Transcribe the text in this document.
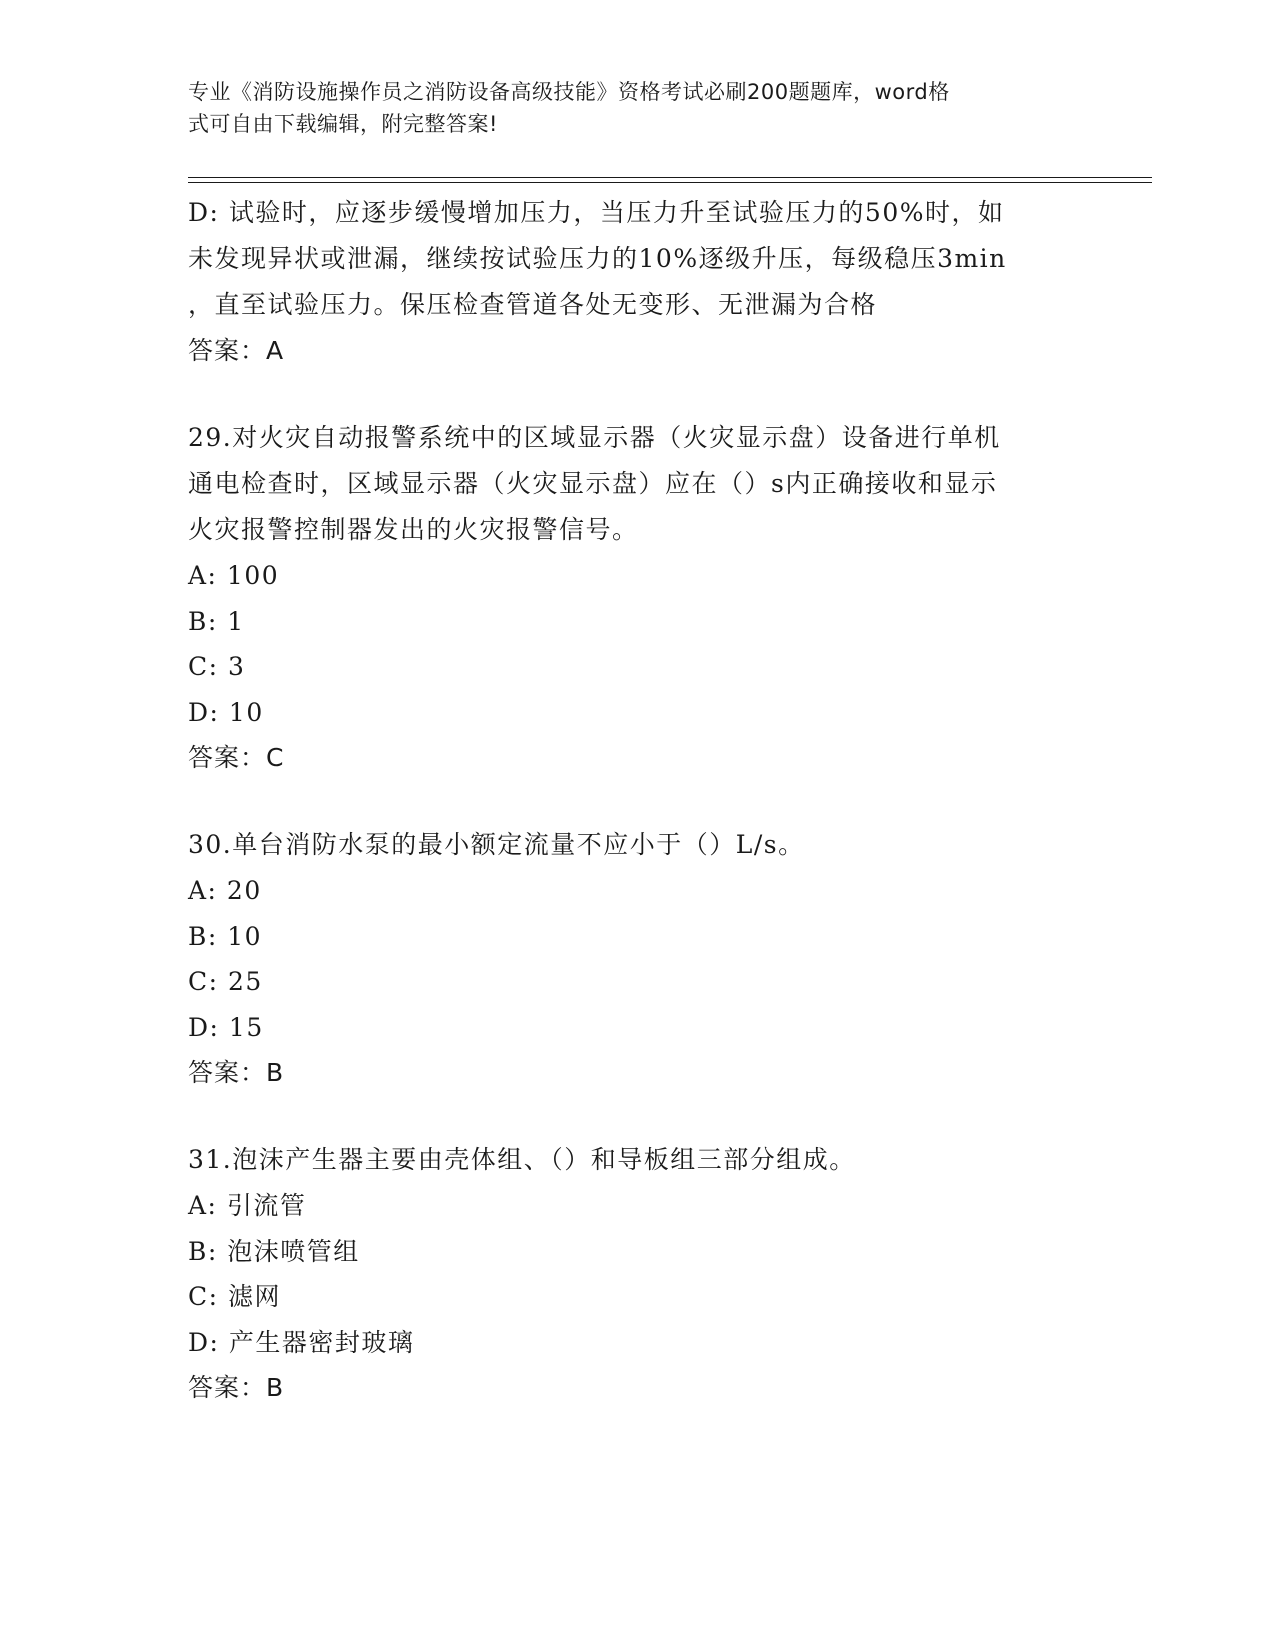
专业《消防设施操作员之消防设备高级技能》资格考试必刷200题题库，word格
式可自由下载编辑，附完整答案!
D: 试验时，应逐步缓慢增加压力，当压力升至试验压力的50%时，如
未发现异状或泄漏，继续按试验压力的10%逐级升压，每级稳压3min
，直至试验压力。保压检查管道各处无变形、无泄漏为合格
答案：A
29.对火灾自动报警系统中的区域显示器（火灾显示盘）设备进行单机
通电检查时，区域显示器（火灾显示盘）应在（）s内正确接收和显示
火灾报警控制器发出的火灾报警信号。
A: 100
B: 1
C: 3
D: 10
答案：C
30.单台消防水泵的最小额定流量不应小于（）L/s。
A: 20
B: 10
C: 25
D: 15
答案：B
31.泡沫产生器主要由壳体组、（）和导板组三部分组成。
A: 引流管
B: 泡沫喷管组
C: 滤网
D: 产生器密封玻璃
答案：B
